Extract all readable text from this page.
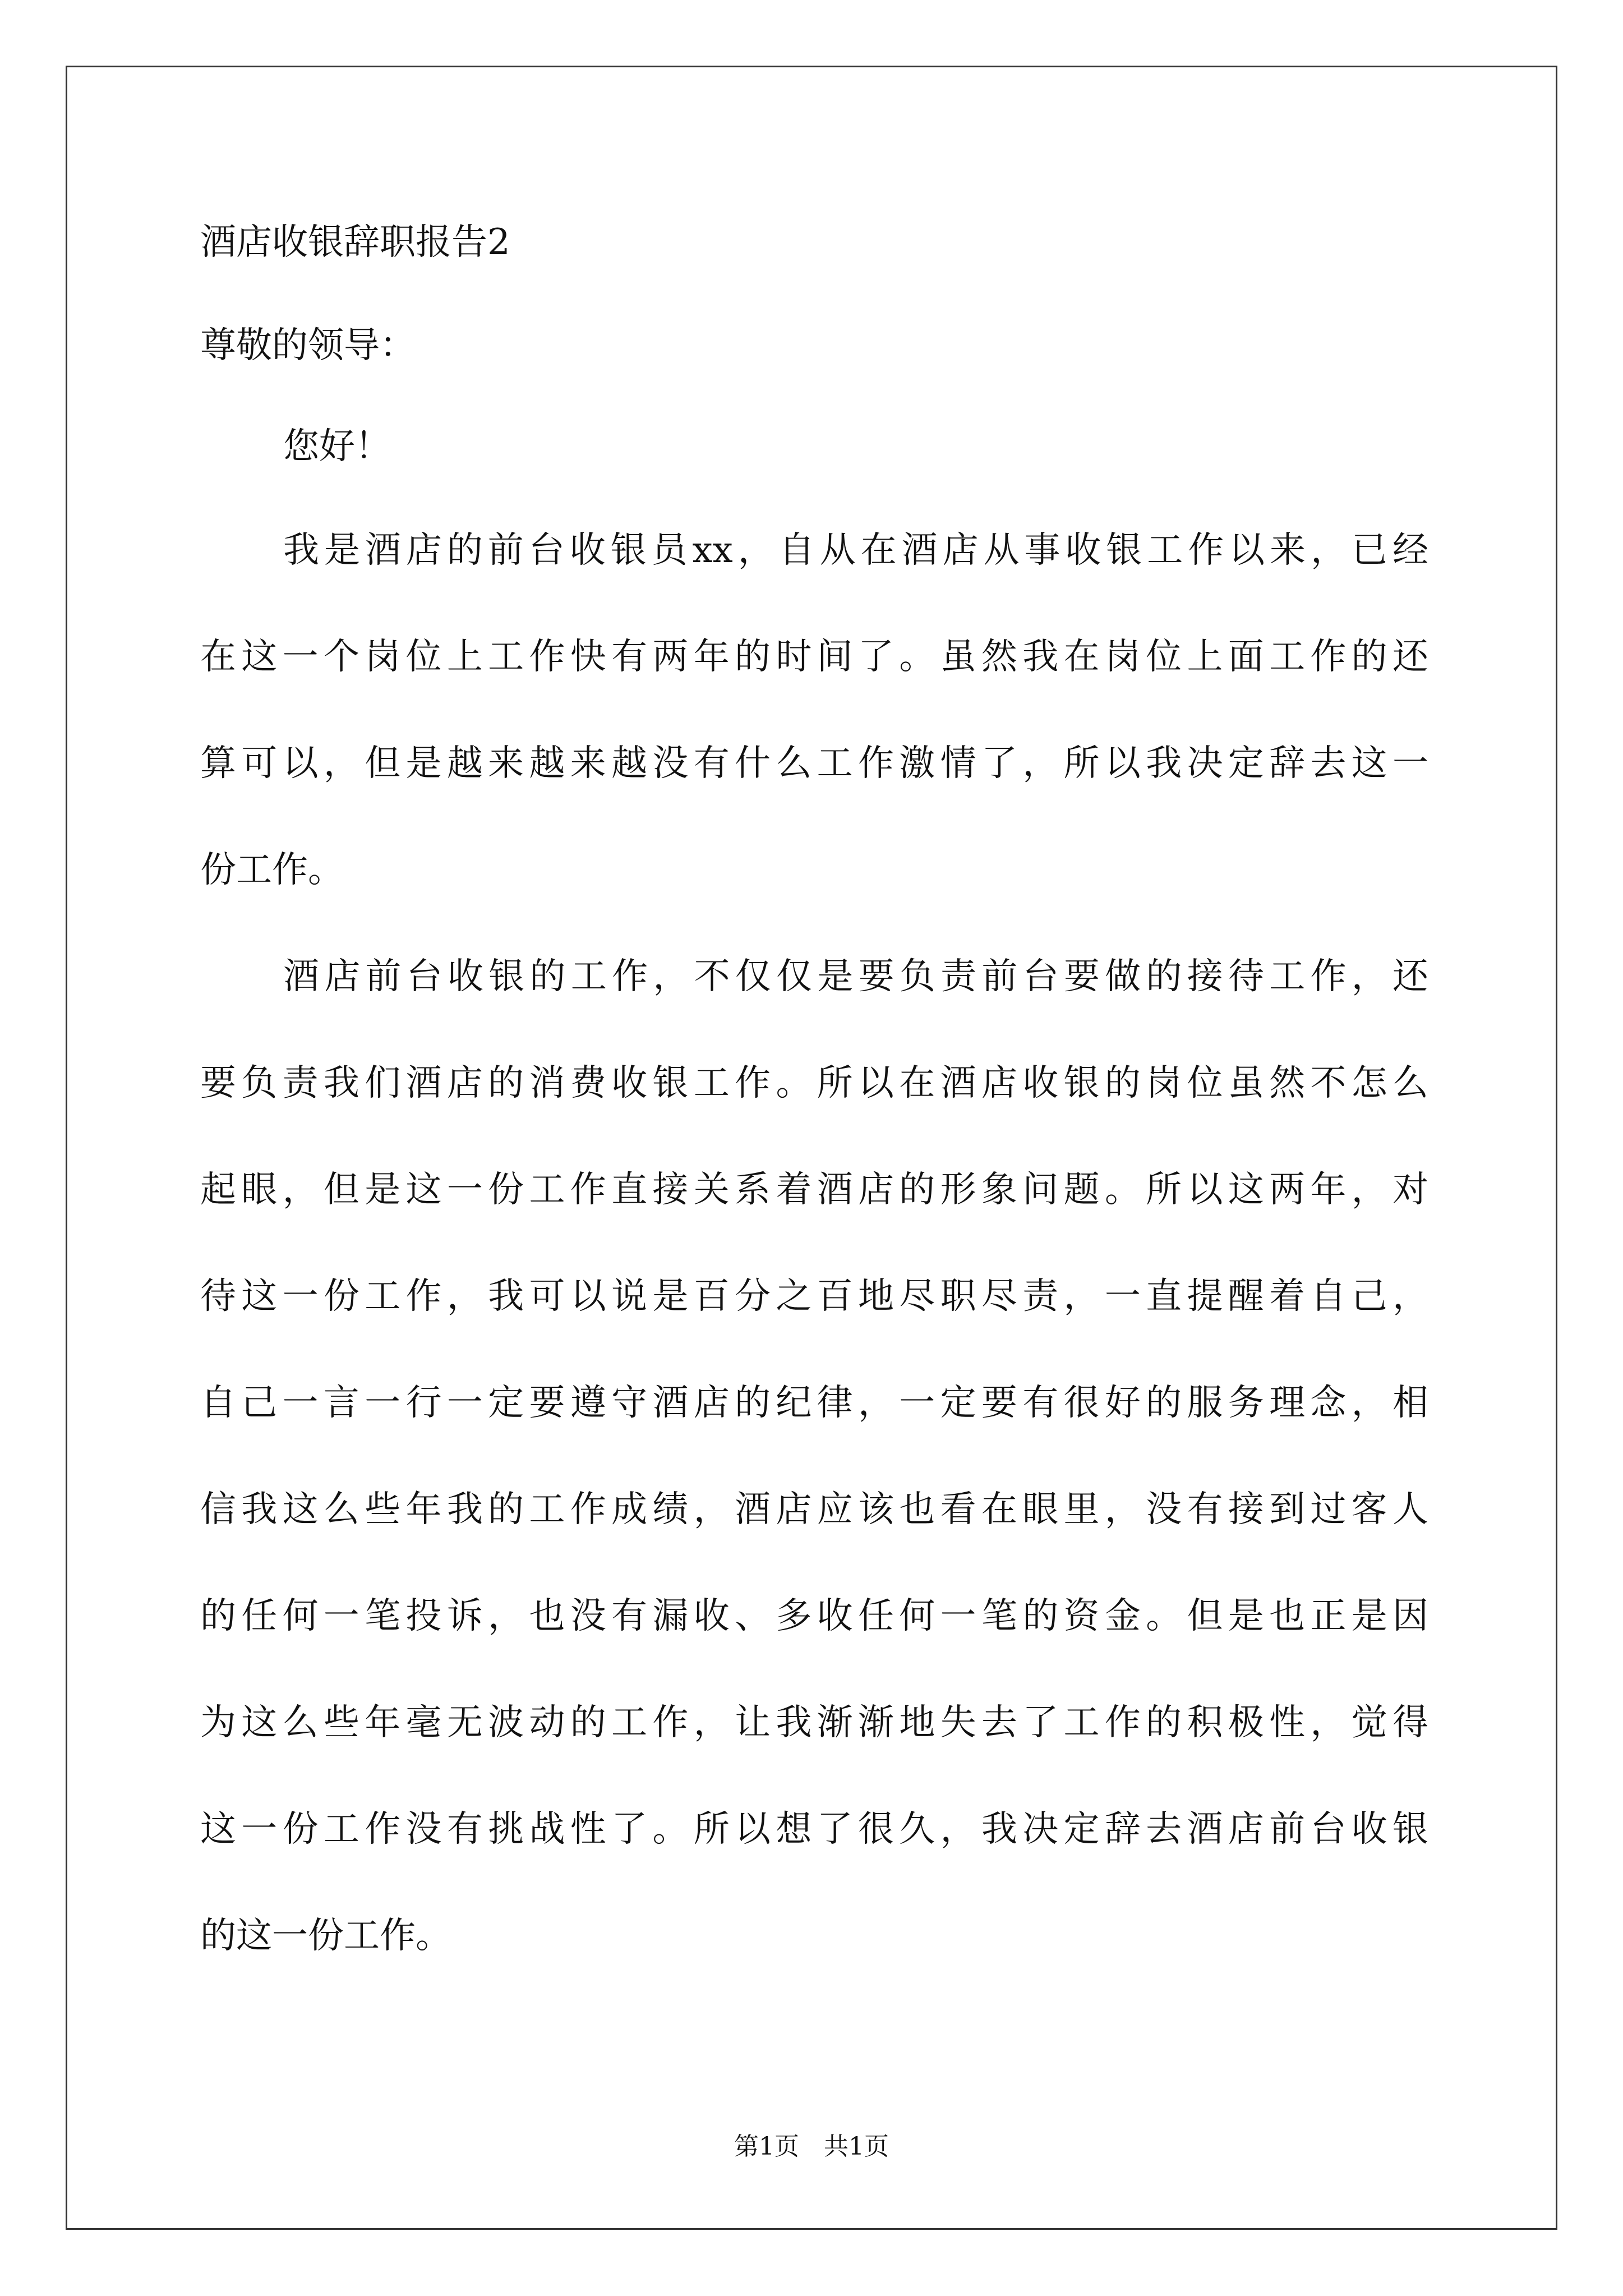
酒店收银辞职报告2
尊敬的领导：
您好！
我是酒店的前台收银员xx，自从在酒店从事收银工作以来，已经
在这一个岗位上工作快有两年的时间了。虽然我在岗位上面工作的还
算可以，但是越来越来越没有什么工作激情了，所以我决定辞去这一
份工作。
酒店前台收银的工作，不仅仅是要负责前台要做的接待工作，还
要负责我们酒店的消费收银工作。所以在酒店收银的岗位虽然不怎么
起眼，但是这一份工作直接关系着酒店的形象问题。所以这两年，对
待这一份工作，我可以说是百分之百地尽职尽责，一直提醒着自己，
自己一言一行一定要遵守酒店的纪律，一定要有很好的服务理念，相
信我这么些年我的工作成绩，酒店应该也看在眼里，没有接到过客人
的任何一笔投诉，也没有漏收、多收任何一笔的资金。但是也正是因
为这么些年毫无波动的工作，让我渐渐地失去了工作的积极性，觉得
这一份工作没有挑战性了。所以想了很久，我决定辞去酒店前台收银
的这一份工作。
第1页　共1页
